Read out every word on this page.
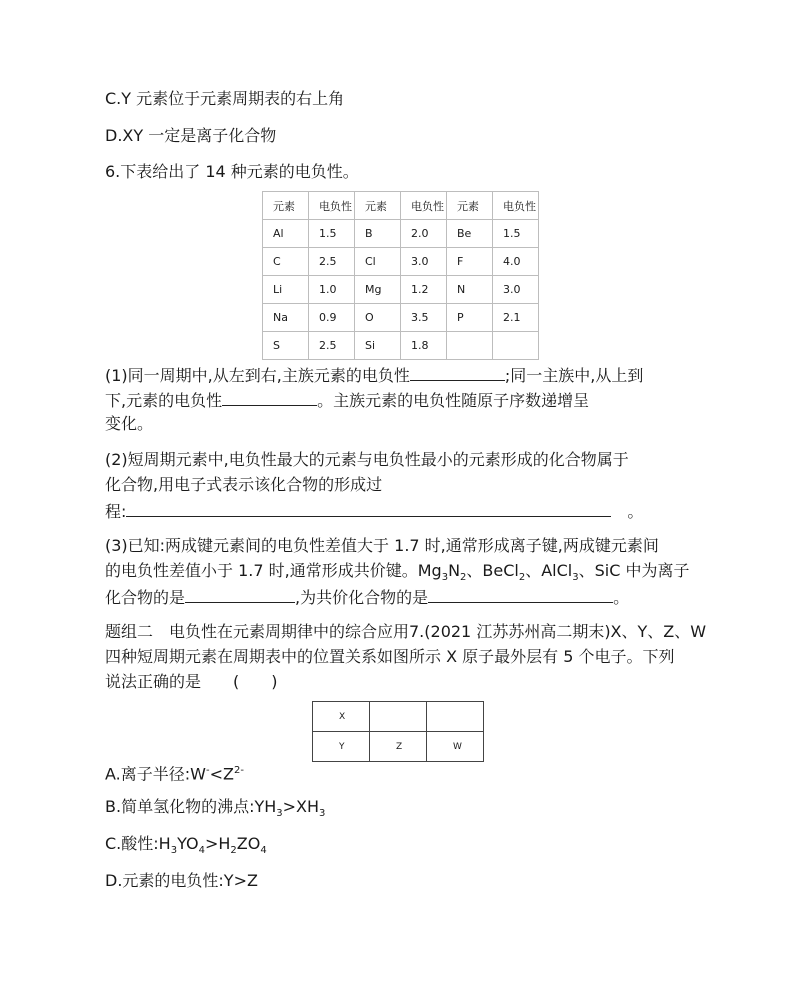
C.Y 元素位于元素周期表的右上角
D.XY 一定是离子化合物
6.下表给出了 14 种元素的电负性。
元素	电负性	元素	电负性	元素	电负性
Al	1.5	B	2.0	Be	1.5
C	2.5	Cl	3.0	F	4.0
Li	1.0	Mg	1.2	N	3.0
Na	0.9	O	3.5	P	2.1
S	2.5	Si	1.8		
(1)同一周期中,从左到右,主族元素的电负性	;同一主族中,从上到
下,元素的电负性	。主族元素的电负性随原子序数递增呈
变化。
(2)短周期元素中,电负性最大的元素与电负性最小的元素形成的化合物属于
化合物,用电子式表示该化合物的形成过
程:	。
(3)已知:两成键元素间的电负性差值大于 1.7 时,通常形成离子键,两成键元素间
的电负性差值小于 1.7 时,通常形成共价键。$Mg_3N_2$、BeCl$_2$、AlCl$_3$、SiC 中为离子
化合物的是	,为共价化合物的是	。
题组二　电负性在元素周期律中的综合应用7.(2021 江苏苏州高二期末)X、Y、Z、W
四种短周期元素在周期表中的位置关系如图所示 X 原子最外层有 5 个电子。下列
说法正确的是　　(　　)
X		
Y	Z	W
A.离子半径$:W^-<Z^{2-}$
B.简单氢化物的沸点$:YH_3>XH_3$
C.酸性$:H_3YO_4>H_2ZO_4$
D.元素的电负性:Y>Z
